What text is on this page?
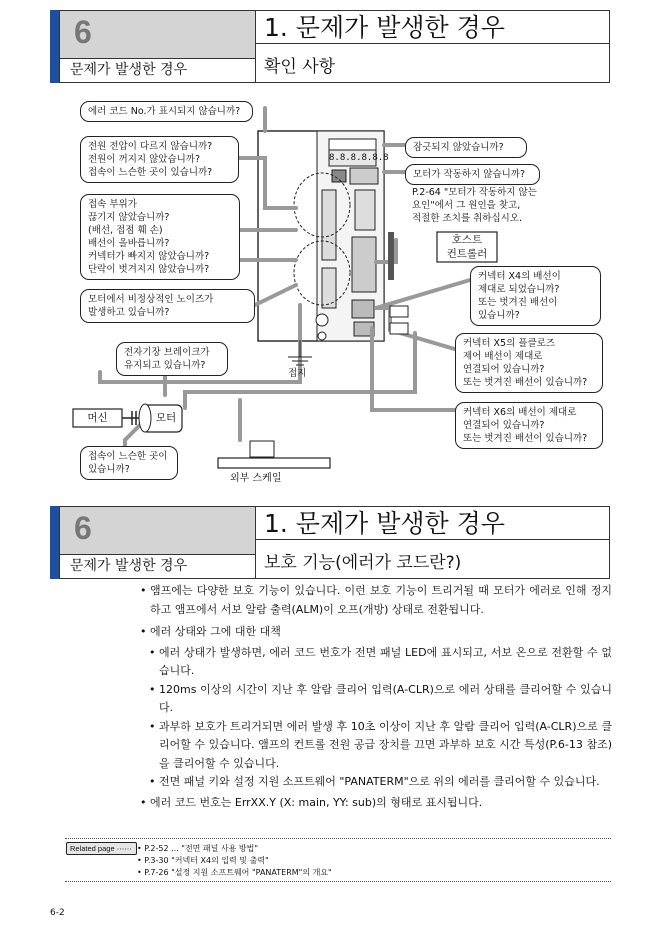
6
문제가 발생한 경우
1. 문제가 발생한 경우
확인 사항
8.8.8.8.8.8
에러 코드 No.가 표시되지 않습니까?
전원 전압이 다르지 않습니까?
전원이 꺼지지 않았습니까?
접속이 느슨한 곳이 있습니까?
접속 부위가
끊기지 않았습니까?
(배선, 접점 훼 손)
배선이 올바릅니까?
커넥터가 빠지지 않았습니까?
단락이 벗겨지지 않았습니까?
모터에서 비정상적인 노이즈가
발생하고 있습니까?
전자기장 브레이크가
유지되고 있습니까?
접속이 느슨한 곳이
있습니까?
잠긋되지 않았습니까?
모터가 작동하지 않습니까?
P.2-64 "모터가 작동하지 않는
요인"에서 그 원인을 찾고,
적절한 조치를 취하십시오.
호스트
컨트롤러
커넥터 X4의 배선이
제대로 되었습니까?
또는 벗겨진 배선이
있습니까?
커넥터 X5의 플클로즈
제어 배선이 제대로
연결되어 있습니까?
또는 벗겨진 배선이 있습니까?
커넥터 X6의 배선이 제대로
연결되어 있습니까?
또는 벗겨진 배선이 있습니까?
접지
머신	모터
외부 스케일
6
문제가 발생한 경우
1. 문제가 발생한 경우
보호 기능(에러가 코드란?)
• 앰프에는 다양한 보호 기능이 있습니다. 이런 보호 기능이 트리거될 때 모터가 에러로 인해 정지하고 앰프에서 서보 알람 출력(ALM)이 오프(개방) 상태로 전환됩니다.
• 에러 상태와 그에 대한 대책
• 에러 상태가 발생하면, 에러 코드 번호가 전면 패널 LED에 표시되고, 서보 온으로 전환할 수 없습니다.
• 120ms 이상의 시간이 지난 후 알람 클리어 입력(A-CLR)으로 에러 상태를 클리어할 수 있습니다.
• 과부하 보호가 트리거되면 에러 발생 후 10초 이상이 지난 후 알람 클리어 입력(A-CLR)으로 클리어할 수 있습니다. 앰프의 컨트롤 전원 공급 장치를 끄면 과부하 보호 시간 특성(P.6-13 참조)을 클리어할 수 있습니다.
• 전면 패널 키와 설정 지원 소프트웨어 "PANATERM"으로 위의 에러를 클리어할 수 있습니다.
• 에러 코드 번호는 ErrXX.Y (X: main, YY: sub)의 형태로 표시됩니다.
Related page ⋯⋯ • P.2-52 ... "전면 패널 사용 방법"
• P.3-30 "커넥터 X4의 입력 및 출력"
• P.7-26 "설정 지원 소프트웨어 "PANATERM"의 개요"
6-2
